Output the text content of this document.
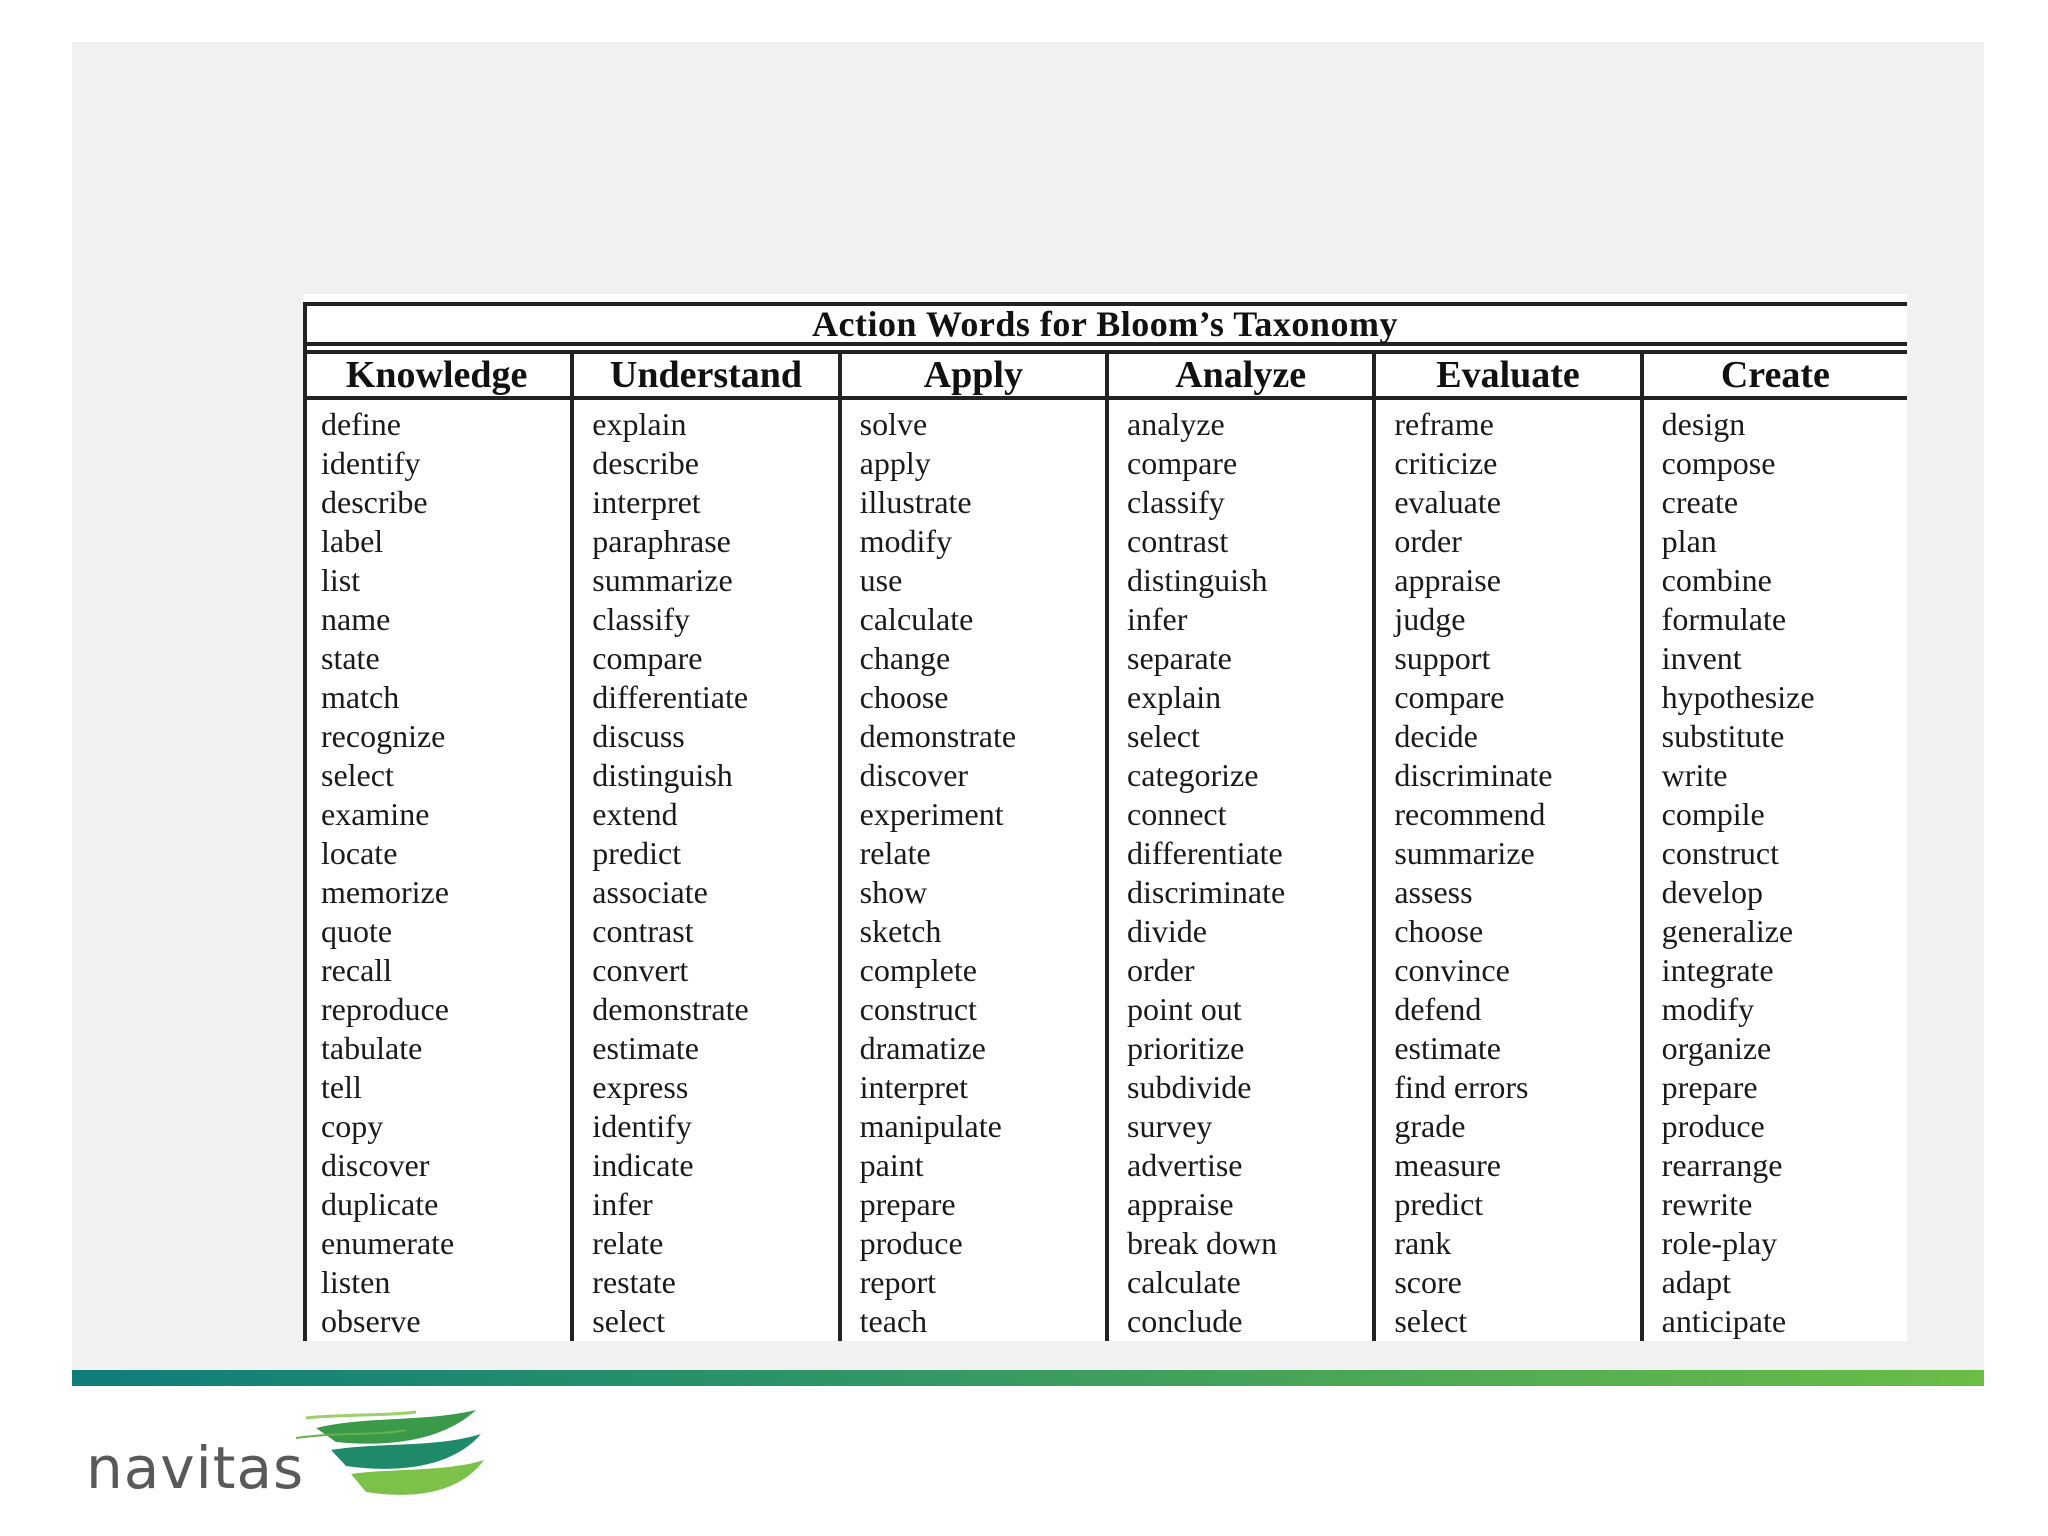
Action Words for Bloom’s Taxonomy
Knowledge
define
identify
describe
label
list
name
state
match
recognize
select
examine
locate
memorize
quote
recall
reproduce
tabulate
tell
copy
discover
duplicate
enumerate
listen
observe
Understand
explain
describe
interpret
paraphrase
summarize
classify
compare
differentiate
discuss
distinguish
extend
predict
associate
contrast
convert
demonstrate
estimate
express
identify
indicate
infer
relate
restate
select
Apply
solve
apply
illustrate
modify
use
calculate
change
choose
demonstrate
discover
experiment
relate
show
sketch
complete
construct
dramatize
interpret
manipulate
paint
prepare
produce
report
teach
Analyze
analyze
compare
classify
contrast
distinguish
infer
separate
explain
select
categorize
connect
differentiate
discriminate
divide
order
point out
prioritize
subdivide
survey
advertise
appraise
break down
calculate
conclude
Evaluate
reframe
criticize
evaluate
order
appraise
judge
support
compare
decide
discriminate
recommend
summarize
assess
choose
convince
defend
estimate
find errors
grade
measure
predict
rank
score
select
Create
design
compose
create
plan
combine
formulate
invent
hypothesize
substitute
write
compile
construct
develop
generalize
integrate
modify
organize
prepare
produce
rearrange
rewrite
role-play
adapt
anticipate
navitas
